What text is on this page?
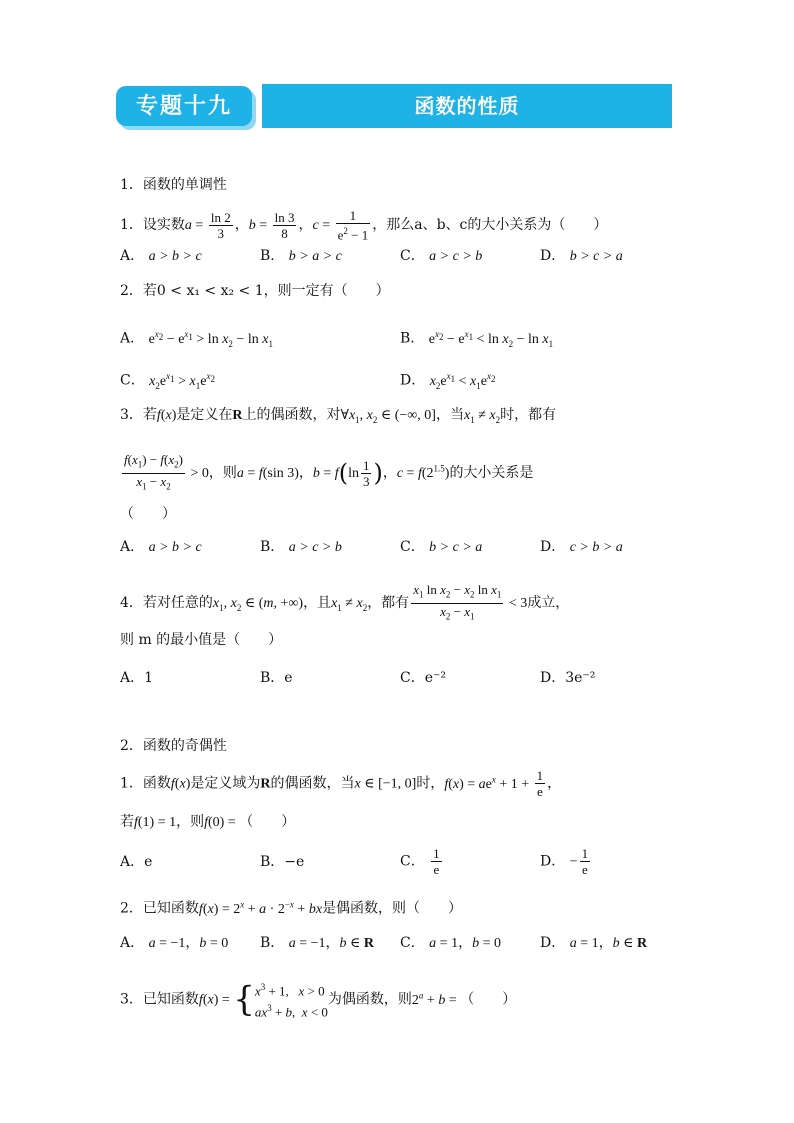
函数的性质
专题十九
1．函数的单调性
1．设实数$a = \frac{\ln 2}{3}$ ，$b = \frac{\ln 3}{8}$ ，$c = \frac{1}{e^2 - 1}$ ，那么a、b、c的大小关系为（　　）
A． a > b > c	B． b > a > c	C． a > c > b	D． b > c > a
2．若0 < x₁ < x₂ < 1，则一定有（　　）
A． $e^{x_2} - e^{x_1} > \ln x_2 - \ln x_1$	B． $e^{x_2} - e^{x_1} < \ln x_2 - \ln x_1$
C． $x_2e^{x_1} > x_1e^{x_2}$	D． $x_2e^{x_1} < x_1e^{x_2}$
3．若f(x)是定义在R上的偶函数，对$\forall x_1$, $x_2$ ∈ (−∞, 0]，当$x_1 \ne x_2$时，都有
$\frac{f(x_1) - f(x_2)}{x_1 - x_2} > 0$，则a = f(sin 3)，$b = f(\ln \frac{1}{3}$ )，$c = f(2^{1.5})$的大小关系是
（　　）
A． a > b > c	B． a > c > b	C． b > c > a	D． c > b > a
4．若对任意的$x_1$, $x_2$ ∈ (m, +∞)，且$x_1 \ne x_2$，都有 $\frac{x_1 \ln x_2 - x_2 \ln x_1}{x_2 - x_1} < 3$成立，
则 m 的最小值是（　　）
A．1	B．e	C．e⁻²	D．3e⁻²
2．函数的奇偶性
1．函数f(x)是定义域为R的偶函数，当x ∈ [−1, 0]时，$f(x) = ae^x + 1 + \frac{1}{e}$ ，
若f(1) = 1，则f(0) = （　　）
A．e	B．−e	C． $\frac{1}{e}$	D． − $\frac{1}{e}$
2．已知函数$f(x) = 2^x + a \cdot 2^{-x}$ + bx是偶函数，则（　　）
A． a = −1，b = 0 B． a = −1，b ∈ R C． a = 1，b = 0	D． a = 1，b ∈ R
3．已知函数f(x) = { $x^3 + 1$,   x > 0
$ax^3 + b$,  x < 0
为偶函数，则$2^a + b$ = （　　）
